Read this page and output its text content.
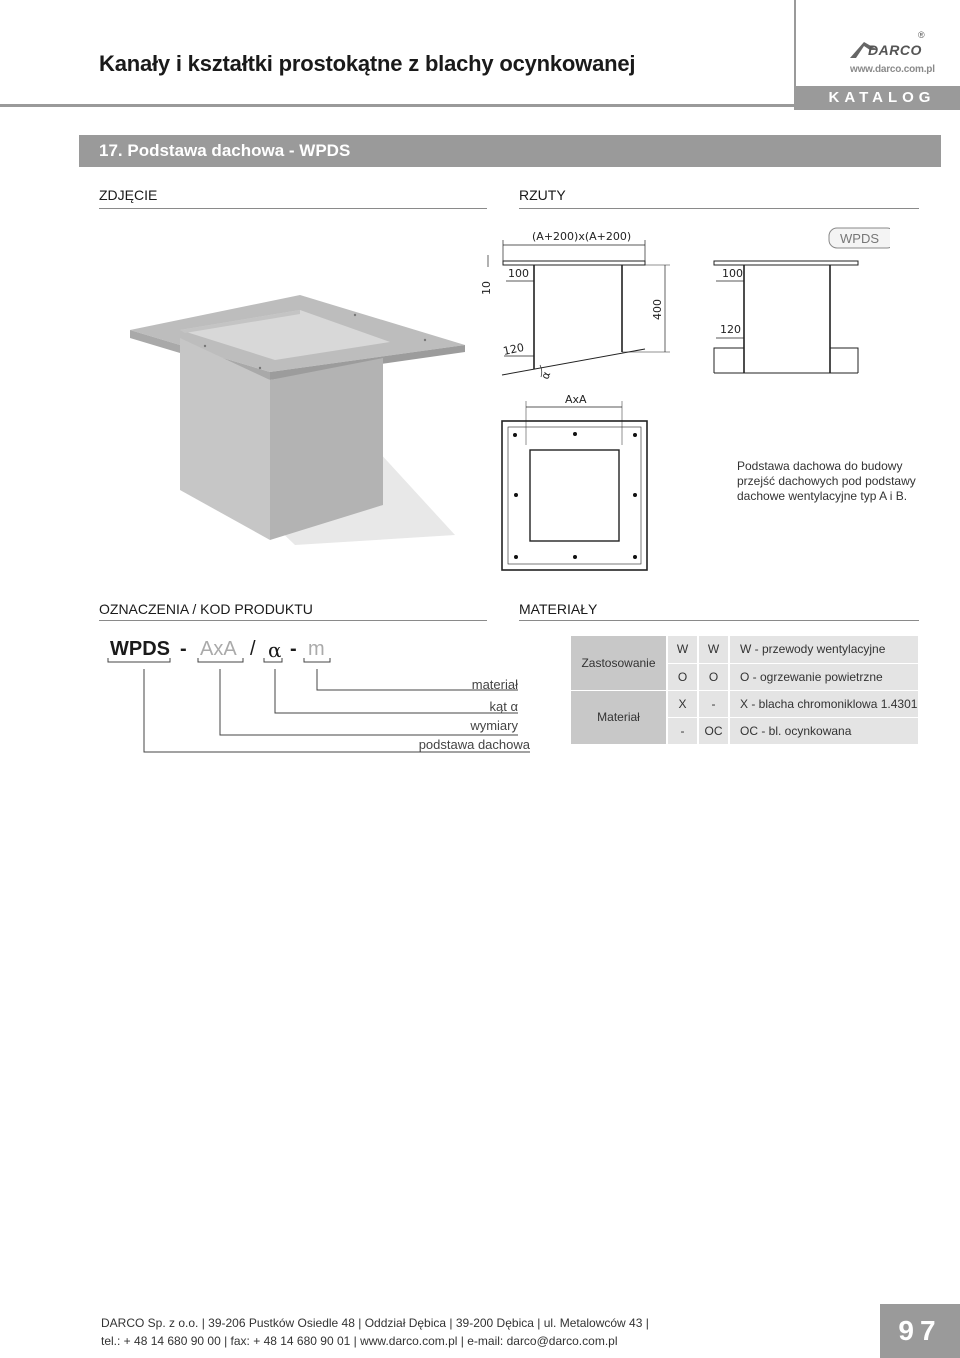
Kanały i kształtki prostokątne z blachy ocynkowanej
DARCO
®
www.darco.com.pl
KATALOG
17. Podstawa dachowa - WPDS
ZDJĘCIE	RZUTY
(A+200)x(A+200)
10
100
400
120
α
100
120
WPDS
AxA
Podstawa dachowa do budowy przejść dachowych pod podstawy dachowe wentylacyjne typ A i B.
OZNACZENIA / KOD PRODUKTU	MATERIAŁY
WPDS - AxA / α - m
materiał
kąt α
wymiary
podstawa dachowa
Zastosowanie	W	W	W - przewody wentylacyjne
	O	O	O - ogrzewanie powietrzne
Materiał	X	-	X - blacha chromoniklowa 1.4301
	-	OC	OC - bl. ocynkowana
DARCO Sp. z o.o. | 39-206 Pustków Osiedle 48 | Oddział Dębica | 39-200 Dębica | ul. Metalowców 43 |
tel.: + 48 14 680 90 00 | fax: + 48 14 680 90 01 | www.darco.com.pl | e-mail: darco@darco.com.pl	97
